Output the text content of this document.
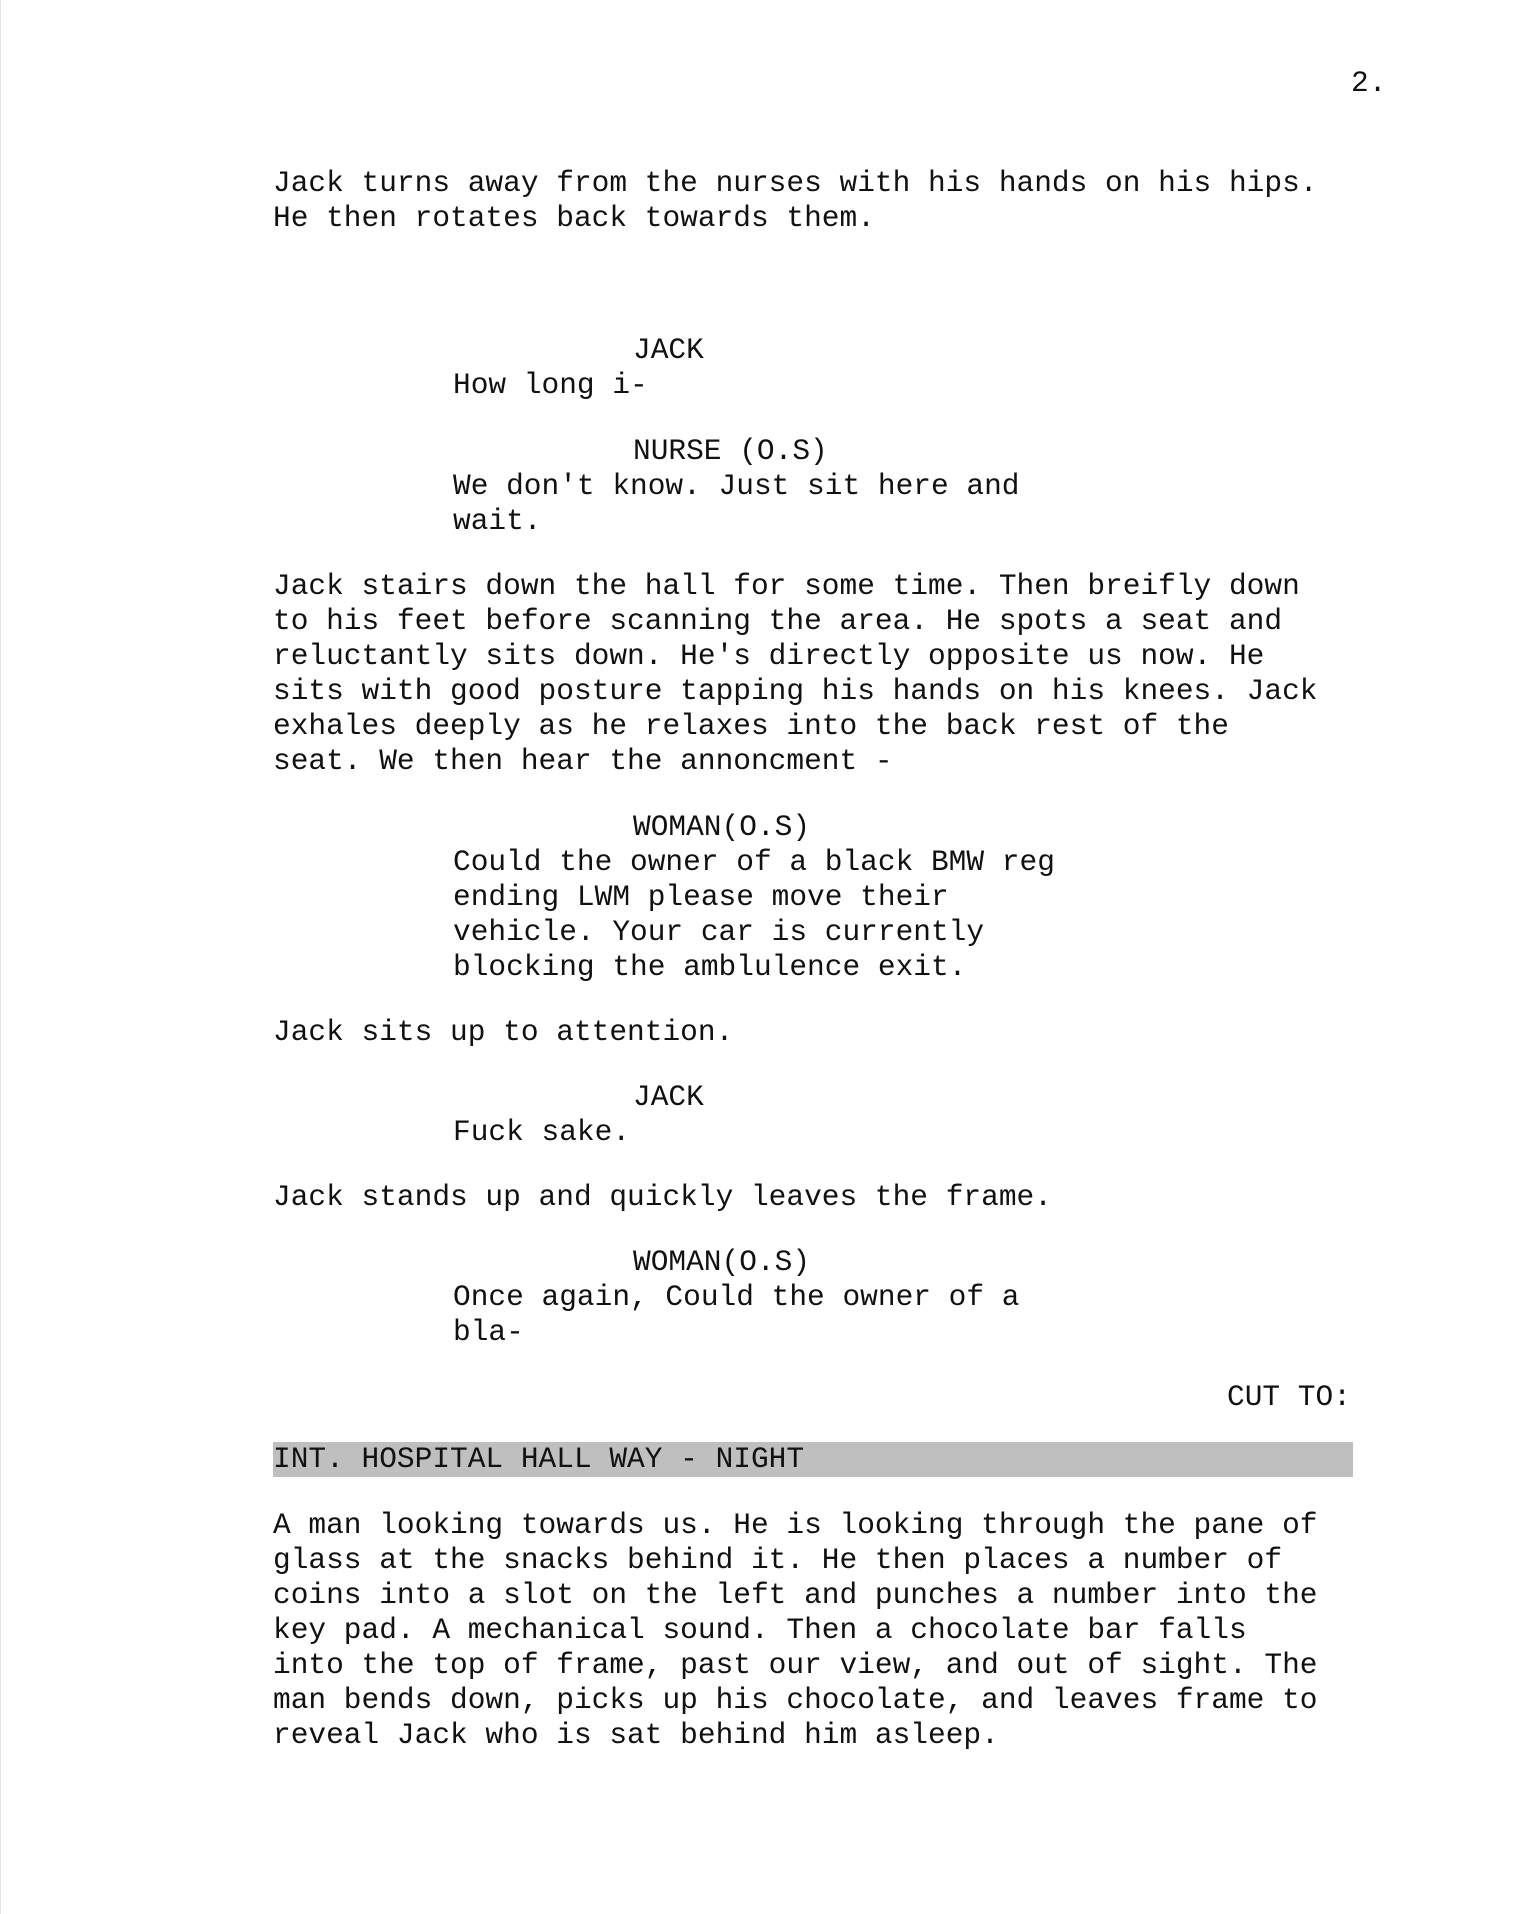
2.
Jack turns away from the nurses with his hands on his hips.
He then rotates back towards them.
JACK
How long i-
NURSE (O.S)
We don't know. Just sit here and
wait.
Jack stairs down the hall for some time. Then breifly down
to his feet before scanning the area. He spots a seat and
reluctantly sits down. He's directly opposite us now. He
sits with good posture tapping his hands on his knees. Jack
exhales deeply as he relaxes into the back rest of the
seat. We then hear the annoncment -
WOMAN(O.S)
Could the owner of a black BMW reg
ending LWM please move their
vehicle. Your car is currently
blocking the amblulence exit.
Jack sits up to attention.
JACK
Fuck sake.
Jack stands up and quickly leaves the frame.
WOMAN(O.S)
Once again, Could the owner of a
bla-
CUT TO:
INT. HOSPITAL HALL WAY - NIGHT
A man looking towards us. He is looking through the pane of
glass at the snacks behind it. He then places a number of
coins into a slot on the left and punches a number into the
key pad. A mechanical sound. Then a chocolate bar falls
into the top of frame, past our view, and out of sight. The
man bends down, picks up his chocolate, and leaves frame to
reveal Jack who is sat behind him asleep.
